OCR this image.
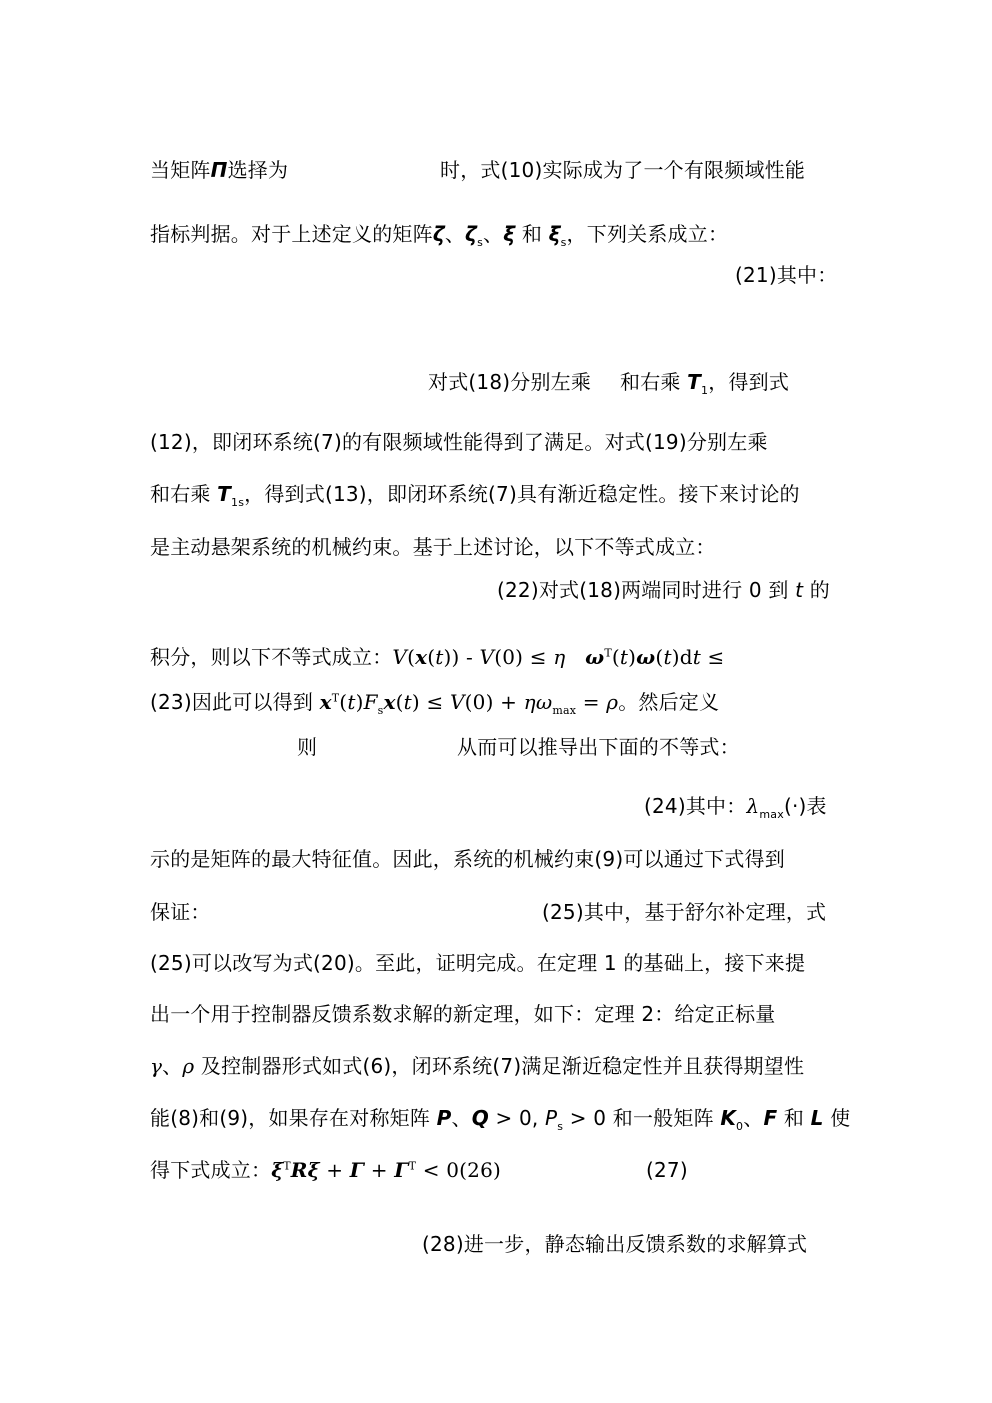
当矩阵Π选择为	时，式(10)实际成为了一个有限频域性能
指标判据。对于上述定义的矩阵ζ、$\zeta_s$、ξ 和 $\xi_s$，下列关系成立：
(21)其中：
对式(18)分别左乘 和右乘 $T_1$，得到式
(12)，即闭环系统(7)的有限频域性能得到了满足。对式(19)分别左乘
和右乘 $T_{1s}$，得到式(13)，即闭环系统(7)具有渐近稳定性。接下来讨论的
是主动悬架系统的机械约束。基于上述讨论，以下不等式成立：
(22)对式(18)两端同时进行 0 到 t 的
积分，则以下不等式成立：V(x(t)) - V(0) ≤ η $\omega^T(t)\omega(t)dt$ ≤
(23)因此可以得到 $x^T(t)F_sx(t) \le V(0) + \eta\omega_{max} = \rho$。然后定义
则	从而可以推导出下面的不等式：
(24)其中：$\lambda_{max}(\cdot)$表
示的是矩阵的最大特征值。因此，系统的机械约束(9)可以通过下式得到
保证：	(25)其中，基于舒尔补定理，式
(25)可以改写为式(20)。至此，证明完成。在定理 1 的基础上，接下来提
出一个用于控制器反馈系数求解的新定理，如下：定理 2：给定正标量
γ、ρ 及控制器形式如式(6)，闭环系统(7)满足渐近稳定性并且获得期望性
能(8)和(9)，如果存在对称矩阵 P、Q > 0, $P_s > 0$ 和一般矩阵 $K_0$、F 和 L 使
得下式成立：$\xi^TR\xi + \Gamma + \Gamma^T < 0(26)$	(27)
(28)进一步，静态输出反馈系数的求解算式
